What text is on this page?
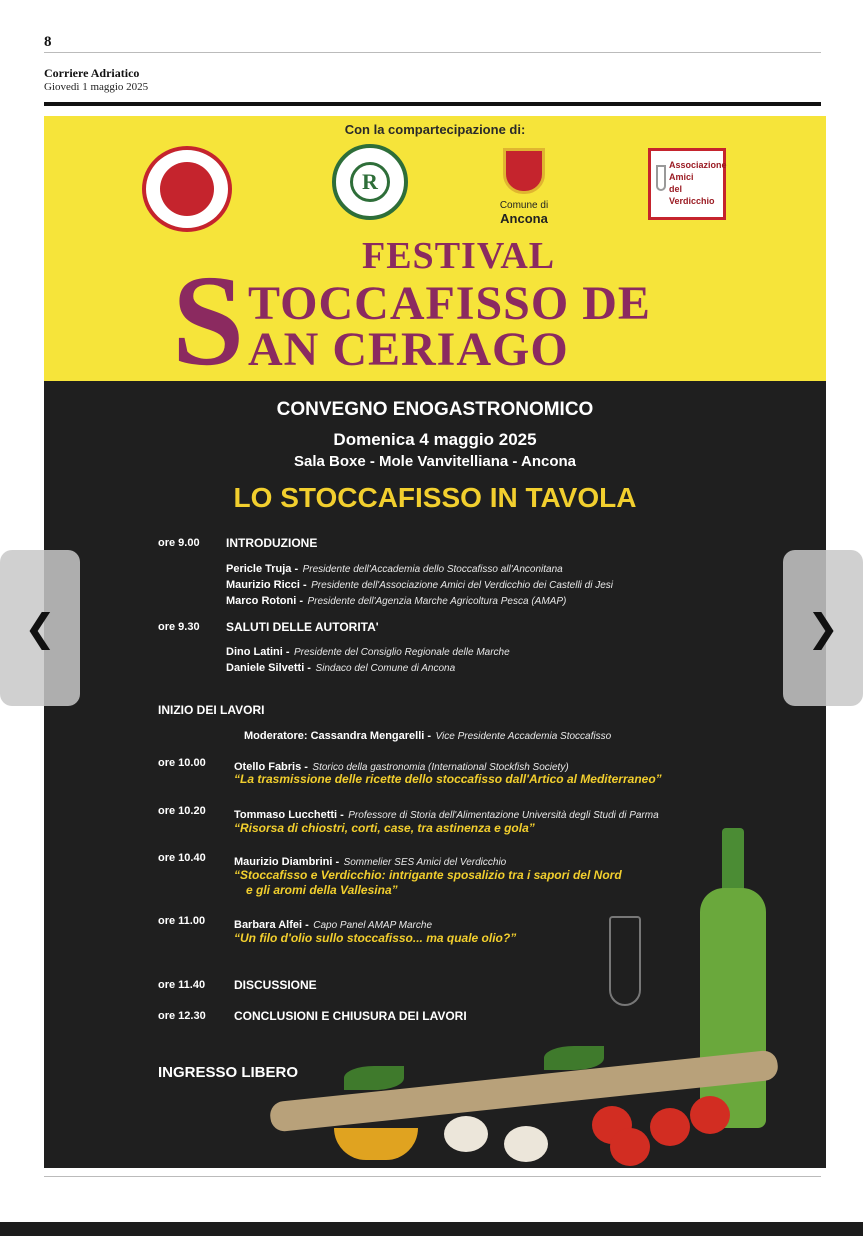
8
Corriere Adriatico
Giovedì 1 maggio 2025
Con la compartecipazione di:
R
Comune di
Ancona
Associazione
Amici
del
Verdicchio
FESTIVAL
S TOCCAFISSO DE
AN CERIAGO
CONVEGNO ENOGASTRONOMICO
Domenica 4 maggio 2025
Sala Boxe - Mole Vanvitelliana - Ancona
LO STOCCAFISSO IN TAVOLA
ore 9.00 INTRODUZIONE
Pericle Truja - Presidente dell'Accademia dello Stoccafisso all'Anconitana
Maurizio Ricci - Presidente dell'Associazione Amici del Verdicchio dei Castelli di Jesi
Marco Rotoni - Presidente dell'Agenzia Marche Agricoltura Pesca (AMAP)
ore 9.30 SALUTI DELLE AUTORITA'
Dino Latini - Presidente del Consiglio Regionale delle Marche
Daniele Silvetti - Sindaco del Comune di Ancona
INIZIO DEI LAVORI
Moderatore: Cassandra Mengarelli - Vice Presidente Accademia Stoccafisso
ore 10.00	Otello Fabris - Storico della gastronomia (International Stockfish Society)
“La trasmissione delle ricette dello stoccafisso dall'Artico al Mediterraneo”
ore 10.20	Tommaso Lucchetti - Professore di Storia dell'Alimentazione Università degli Studi di Parma
“Risorsa di chiostri, corti, case, tra astinenza e gola”
ore 10.40	Maurizio Diambrini - Sommelier SES Amici del Verdicchio
“Stoccafisso e Verdicchio: intrigante sposalizio tra i sapori del Nord
e gli aromi della Vallesina”
ore 11.00	Barbara Alfei - Capo Panel AMAP Marche
“Un filo d'olio sullo stoccafisso... ma quale olio?”
ore 11.40 DISCUSSIONE
ore 12.30 CONCLUSIONI E CHIUSURA DEI LAVORI
INGRESSO LIBERO
❮	❯
